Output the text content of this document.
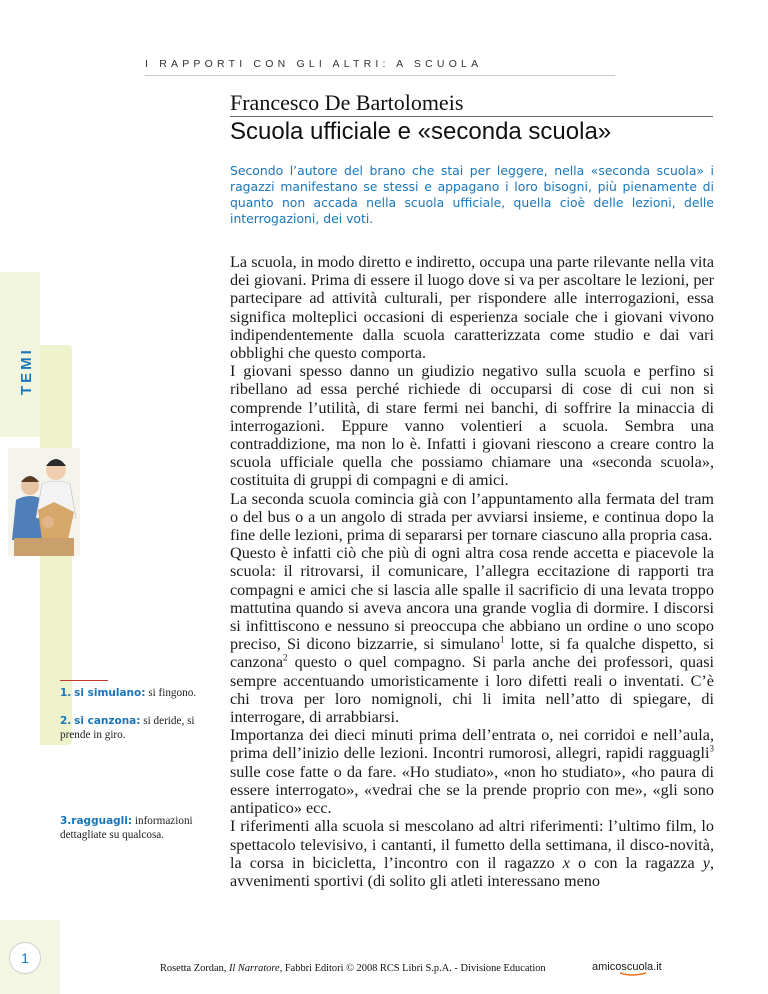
I RAPPORTI CON GLI ALTRI: A SCUOLA
Francesco De Bartolomeis
Scuola ufficiale e «seconda scuola»
Secondo l’autore del brano che stai per leggere, nella «seconda scuola» i ragazzi manifestano se stessi e appagano i loro bisogni, più pienamente di quanto non accada nella scuola ufficiale, quella cioè delle lezioni, delle interrogazioni, dei voti.
TEMI

La scuola, in modo diretto e indiretto, occupa una parte rilevante nella vita dei giovani. Prima di essere il luogo dove si va per ascoltare le lezioni, per partecipare ad attività culturali, per rispondere alle interrogazioni, essa significa molteplici occasioni di esperienza sociale che i giovani vivono indipendentemente dalla scuola caratterizzata come studio e dai vari obblighi che questo comporta.

I giovani spesso danno un giudizio negativo sulla scuola e perfino si ribellano ad essa perché richiede di occuparsi di cose di cui non si comprende l’utilità, di stare fermi nei banchi, di soffrire la minaccia di interrogazioni. Eppure vanno volentieri a scuola. Sembra una contraddizione, ma non lo è. Infatti i giovani riescono a creare contro la scuola ufficiale quella che possiamo chiamare una «seconda scuola», costituita di gruppi di compagni e di amici.

La seconda scuola comincia già con l’appuntamento alla fermata del tram o del bus o a un angolo di strada per avviarsi insieme, e continua dopo la fine delle lezioni, prima di separarsi per tornare ciascuno alla propria casa.

Questo è infatti ciò che più di ogni altra cosa rende accetta e piacevole la scuola: il ritrovarsi, il comunicare, l’allegra eccitazione di rapporti tra compagni e amici che si lascia alle spalle il sacrificio di una levata troppo mattutina quando si aveva ancora una grande voglia di dormire. I discorsi si infittiscono e nessuno si preoccupa che abbiano un ordine o uno scopo preciso, Si dicono bizzarrie, si simulano$^1$ lotte, si fa qualche dispetto, si canzona$^2$ questo o quel compagno. Si parla anche dei professori, quasi sempre accentuando umoristicamente i loro difetti reali o inventati. C’è chi trova per loro nomignoli, chi li imita nell’atto di spiegare, di interrogare, di arrabbiarsi.

Importanza dei dieci minuti prima dell’entrata o, nei corridoi e nell’aula, prima dell’inizio delle lezioni. Incontri rumorosi, allegri, rapidi ragguagli$^3$ sulle cose fatte o da fare. «Ho studiato», «non ho studiato», «ho paura di essere interrogato», «vedrai che se la prende proprio con me», «gli sono antipatico» ecc.

I riferimenti alla scuola si mescolano ad altri riferimenti: l’ultimo film, lo spettacolo televisivo, i cantanti, il fumetto della settimana, il disco-novità, la corsa in bicicletta, l’incontro con il ragazzo x o con la ragazza y, avvenimenti sportivi (di solito gli atleti interessano meno

1. si simulano: si fingono.
2. si canzona: si deride, si prende in giro.
3.ragguagli: informazioni dettagliate su qualcosa.
1
Rosetta Zordan, Il Narratore, Fabbri Editori © 2008 RCS Libri S.p.A. - Divisione Education	amicoscuola.it
